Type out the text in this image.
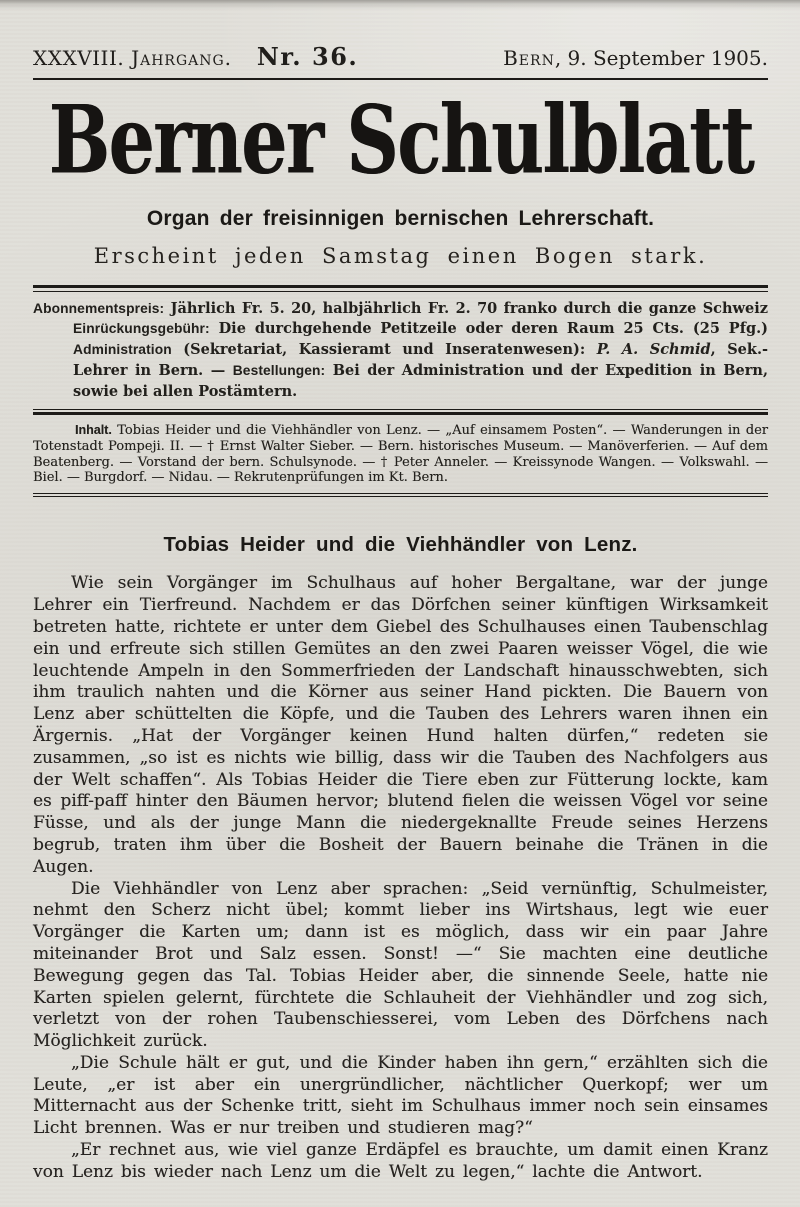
XXXVIII. Jahrgang. Nr. 36.	Bern, 9. September 1905.
Berner Schulblatt
Organ der freisinnigen bernischen Lehrerschaft.
Erscheint jeden Samstag einen Bogen stark.

Abonnementspreis: Jährlich Fr. 5. 20, halbjährlich Fr. 2. 70 franko durch die ganze Schweiz Einrückungsgebühr: Die durchgehende Petitzeile oder deren Raum 25 Cts. (25 Pfg.) Administration (Sekretariat, Kassieramt und Inseratenwesen): P. A. Schmid, Sek.-Lehrer in Bern. — Bestellungen: Bei der Administration und der Expedition in Bern, sowie bei allen Postämtern.

Inhalt. Tobias Heider und die Viehhändler von Lenz. — „Auf einsamem Posten“. — Wanderungen in der Totenstadt Pompeji. II. — † Ernst Walter Sieber. — Bern. historisches Museum. — Manöverferien. — Auf dem Beatenberg. — Vorstand der bern. Schulsynode. — † Peter Anneler. — Kreissynode Wangen. — Volkswahl. — Biel. — Burgdorf. — Nidau. — Rekrutenprüfungen im Kt. Bern.

Tobias Heider und die Viehhändler von Lenz.

Wie sein Vorgänger im Schulhaus auf hoher Bergaltane, war der junge Lehrer ein Tierfreund. Nachdem er das Dörfchen seiner künftigen Wirksamkeit betreten hatte, richtete er unter dem Giebel des Schulhauses einen Taubenschlag ein und erfreute sich stillen Gemütes an den zwei Paaren weisser Vögel, die wie leuchtende Ampeln in den Sommerfrieden der Landschaft hinausschwebten, sich ihm traulich nahten und die Körner aus seiner Hand pickten. Die Bauern von Lenz aber schüttelten die Köpfe, und die Tauben des Lehrers waren ihnen ein Ärgernis. „Hat der Vorgänger keinen Hund halten dürfen,“ redeten sie zusammen, „so ist es nichts wie billig, dass wir die Tauben des Nachfolgers aus der Welt schaffen“. Als Tobias Heider die Tiere eben zur Fütterung lockte, kam es piff-paff hinter den Bäumen hervor; blutend fielen die weissen Vögel vor seine Füsse, und als der junge Mann die niedergeknallte Freude seines Herzens begrub, traten ihm über die Bosheit der Bauern beinahe die Tränen in die Augen.

Die Viehhändler von Lenz aber sprachen: „Seid vernünftig, Schulmeister, nehmt den Scherz nicht übel; kommt lieber ins Wirtshaus, legt wie euer Vorgänger die Karten um; dann ist es möglich, dass wir ein paar Jahre miteinander Brot und Salz essen. Sonst! —“ Sie machten eine deutliche Bewegung gegen das Tal. Tobias Heider aber, die sinnende Seele, hatte nie Karten spielen gelernt, fürchtete die Schlauheit der Viehhändler und zog sich, verletzt von der rohen Taubenschiesserei, vom Leben des Dörfchens nach Möglichkeit zurück.

„Die Schule hält er gut, und die Kinder haben ihn gern,“ erzählten sich die Leute, „er ist aber ein unergründlicher, nächtlicher Querkopf; wer um Mitternacht aus der Schenke tritt, sieht im Schulhaus immer noch sein einsames Licht brennen. Was er nur treiben und studieren mag?“

„Er rechnet aus, wie viel ganze Erdäpfel es brauchte, um damit einen Kranz von Lenz bis wieder nach Lenz um die Welt zu legen,“ lachte die Antwort.
